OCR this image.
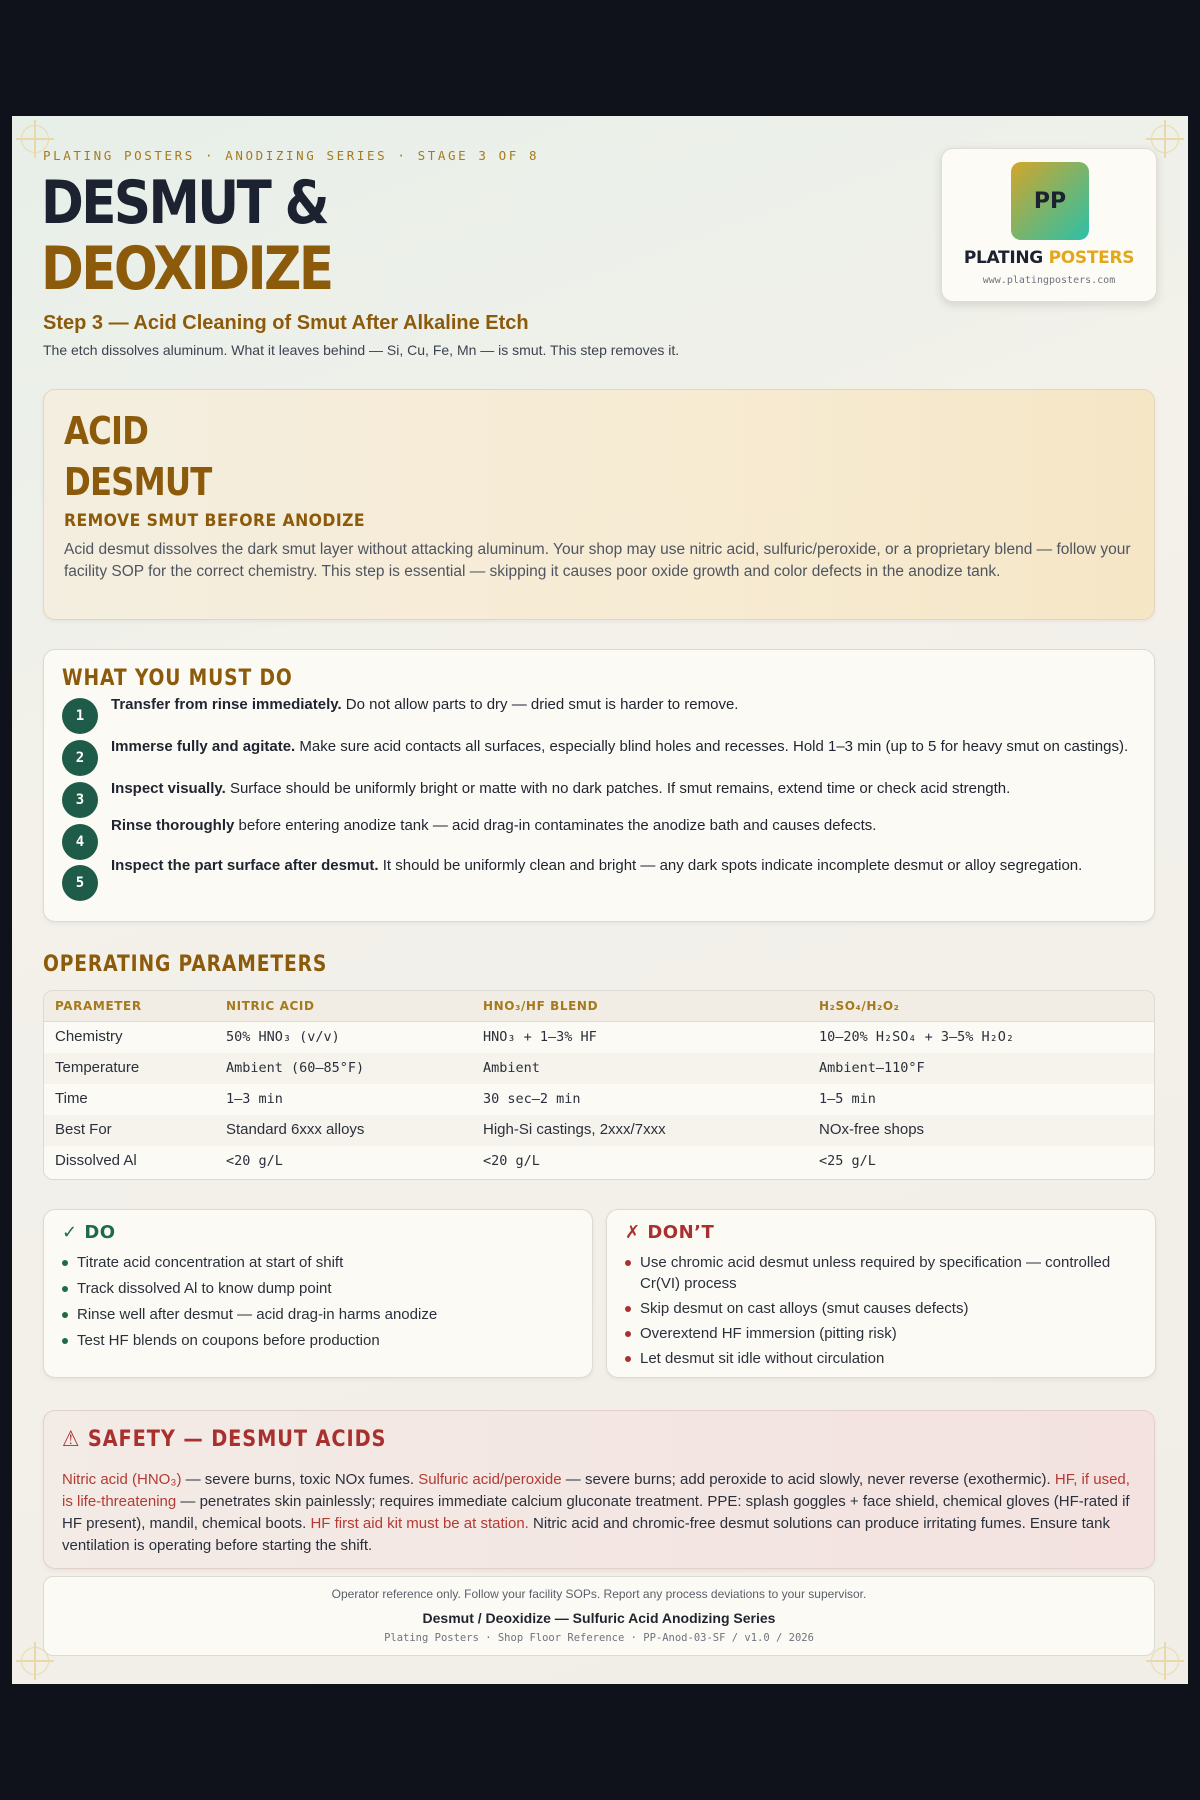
PLATING POSTERS · ANODIZING SERIES · STAGE 3 OF 8
DESMUT &
DEOXIDIZE
Step 3 — Acid Cleaning of Smut After Alkaline Etch
The etch dissolves aluminum. What it leaves behind — Si, Cu, Fe, Mn — is smut. This step removes it.
PP
PLATING POSTERS
www.platingposters.com
ACID
DESMUT
REMOVE SMUT BEFORE ANODIZE
Acid desmut dissolves the dark smut layer without attacking aluminum. Your shop may use nitric acid, sulfuric/peroxide, or a proprietary blend — follow your facility SOP for the correct chemistry. This step is essential — skipping it causes poor oxide growth and color defects in the anodize tank.
WHAT YOU MUST DO
1
Transfer from rinse immediately. Do not allow parts to dry — dried smut is harder to remove.
2
Immerse fully and agitate. Make sure acid contacts all surfaces, especially blind holes and recesses. Hold 1–3 min (up to 5 for heavy smut on castings).
3
Inspect visually. Surface should be uniformly bright or matte with no dark patches. If smut remains, extend time or check acid strength.
4
Rinse thoroughly before entering anodize tank — acid drag-in contaminates the anodize bath and causes defects.
5
Inspect the part surface after desmut. It should be uniformly clean and bright — any dark spots indicate incomplete desmut or alloy segregation.
OPERATING PARAMETERS
PARAMETER	NITRIC ACID	HNO₃/HF BLEND	H₂SO₄/H₂O₂
Chemistry	50% HNO₃ (v/v)	HNO₃ + 1–3% HF	10–20% H₂SO₄ + 3–5% H₂O₂
Temperature	Ambient (60–85°F)	Ambient	Ambient–110°F
Time	1–3 min	30 sec–2 min	1–5 min
Best For	Standard 6xxx alloys	High-Si castings, 2xxx/7xxx	NOx-free shops
Dissolved Al	<20 g/L	<20 g/L	<25 g/L
✓ DO
Titrate acid concentration at start of shift
Track dissolved Al to know dump point
Rinse well after desmut — acid drag-in harms anodize
Test HF blends on coupons before production
✗ DON’T
Use chromic acid desmut unless required by specification — controlled Cr(VI) process
Skip desmut on cast alloys (smut causes defects)
Overextend HF immersion (pitting risk)
Let desmut sit idle without circulation
⚠ SAFETY — DESMUT ACIDS
Nitric acid (HNO₃) — severe burns, toxic NOx fumes. Sulfuric acid/peroxide — severe burns; add peroxide to acid slowly, never reverse (exothermic). HF, if used, is life-threatening — penetrates skin painlessly; requires immediate calcium gluconate treatment. PPE: splash goggles + face shield, chemical gloves (HF-rated if HF present), mandil, chemical boots. HF first aid kit must be at station. Nitric acid and chromic-free desmut solutions can produce irritating fumes. Ensure tank ventilation is operating before starting the shift.
Operator reference only. Follow your facility SOPs. Report any process deviations to your supervisor.
Desmut / Deoxidize — Sulfuric Acid Anodizing Series
Plating Posters · Shop Floor Reference · PP-Anod-03-SF / v1.0 / 2026
